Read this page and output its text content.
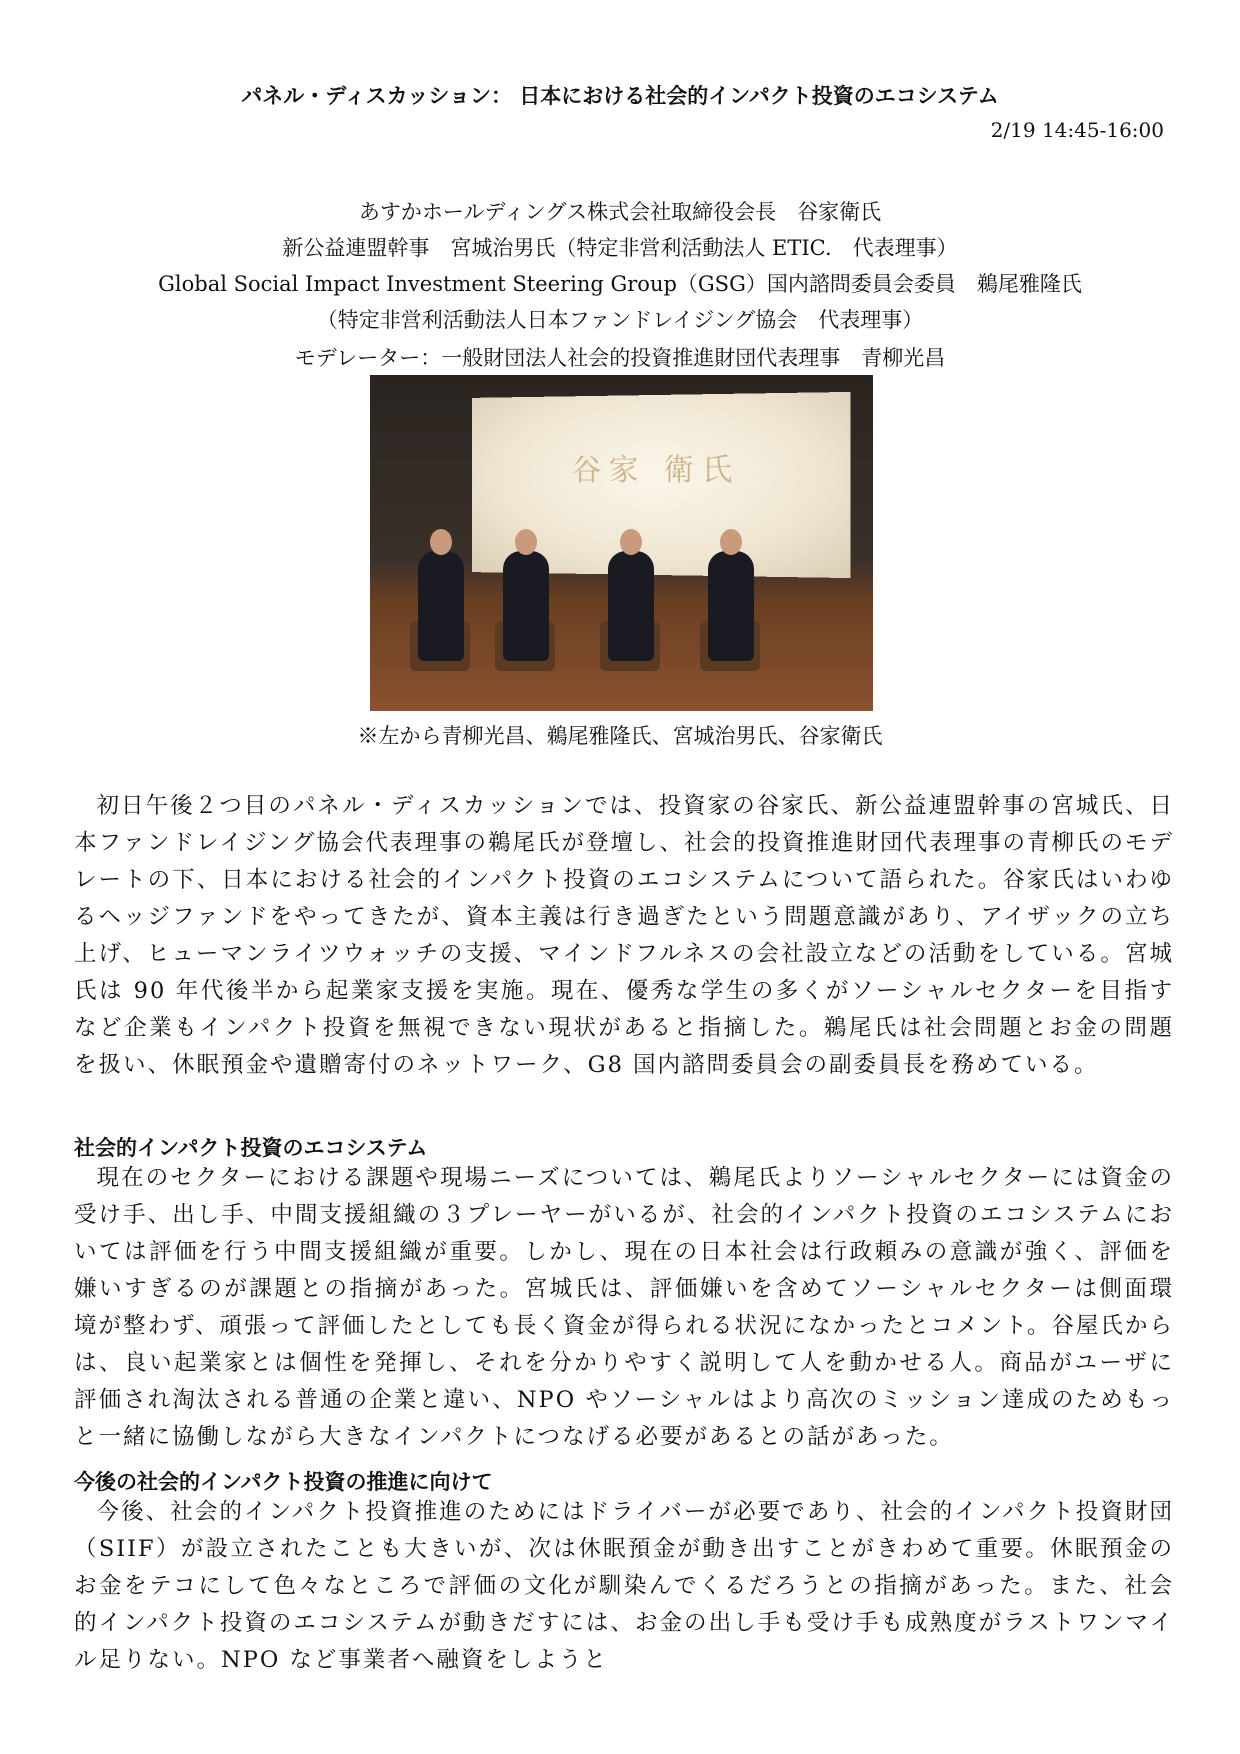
パネル・ディスカッション： 日本における社会的インパクト投資のエコシステム
2/19 14:45-16:00
あすかホールディングス株式会社取締役会長　谷家衛氏
新公益連盟幹事　宮城治男氏（特定非営利活動法人 ETIC.　代表理事）
Global Social Impact Investment Steering Group（GSG）国内諮問委員会委員　鵜尾雅隆氏
（特定非営利活動法人日本ファンドレイジング協会　代表理事）
モデレーター：一般財団法人社会的投資推進財団代表理事　青柳光昌
谷家 衛氏
※左から青柳光昌、鵜尾雅隆氏、宮城治男氏、谷家衛氏

初日午後２つ目のパネル・ディスカッションでは、投資家の谷家氏、新公益連盟幹事の宮城氏、日本ファンドレイジング協会代表理事の鵜尾氏が登壇し、社会的投資推進財団代表理事の青柳氏のモデレートの下、日本における社会的インパクト投資のエコシステムについて語られた。谷家氏はいわゆるヘッジファンドをやってきたが、資本主義は行き過ぎたという問題意識があり、アイザックの立ち上げ、ヒューマンライツウォッチの支援、マインドフルネスの会社設立などの活動をしている。宮城氏は 90 年代後半から起業家支援を実施。現在、優秀な学生の多くがソーシャルセクターを目指すなど企業もインパクト投資を無視できない現状があると指摘した。鵜尾氏は社会問題とお金の問題を扱い、休眠預金や遺贈寄付のネットワーク、G8 国内諮問委員会の副委員長を務めている。

社会的インパクト投資のエコシステム

現在のセクターにおける課題や現場ニーズについては、鵜尾氏よりソーシャルセクターには資金の受け手、出し手、中間支援組織の３プレーヤーがいるが、社会的インパクト投資のエコシステムにおいては評価を行う中間支援組織が重要。しかし、現在の日本社会は行政頼みの意識が強く、評価を嫌いすぎるのが課題との指摘があった。宮城氏は、評価嫌いを含めてソーシャルセクターは側面環境が整わず、頑張って評価したとしても長く資金が得られる状況になかったとコメント。谷屋氏からは、良い起業家とは個性を発揮し、それを分かりやすく説明して人を動かせる人。商品がユーザに評価され淘汰される普通の企業と違い、NPO やソーシャルはより高次のミッション達成のためもっと一緒に協働しながら大きなインパクトにつなげる必要があるとの話があった。

今後の社会的インパクト投資の推進に向けて

今後、社会的インパクト投資推進のためにはドライバーが必要であり、社会的インパクト投資財団（SIIF）が設立されたことも大きいが、次は休眠預金が動き出すことがきわめて重要。休眠預金のお金をテコにして色々なところで評価の文化が馴染んでくるだろうとの指摘があった。また、社会的インパクト投資のエコシステムが動きだすには、お金の出し手も受け手も成熟度がラストワンマイル足りない。NPO など事業者へ融資をしようと
